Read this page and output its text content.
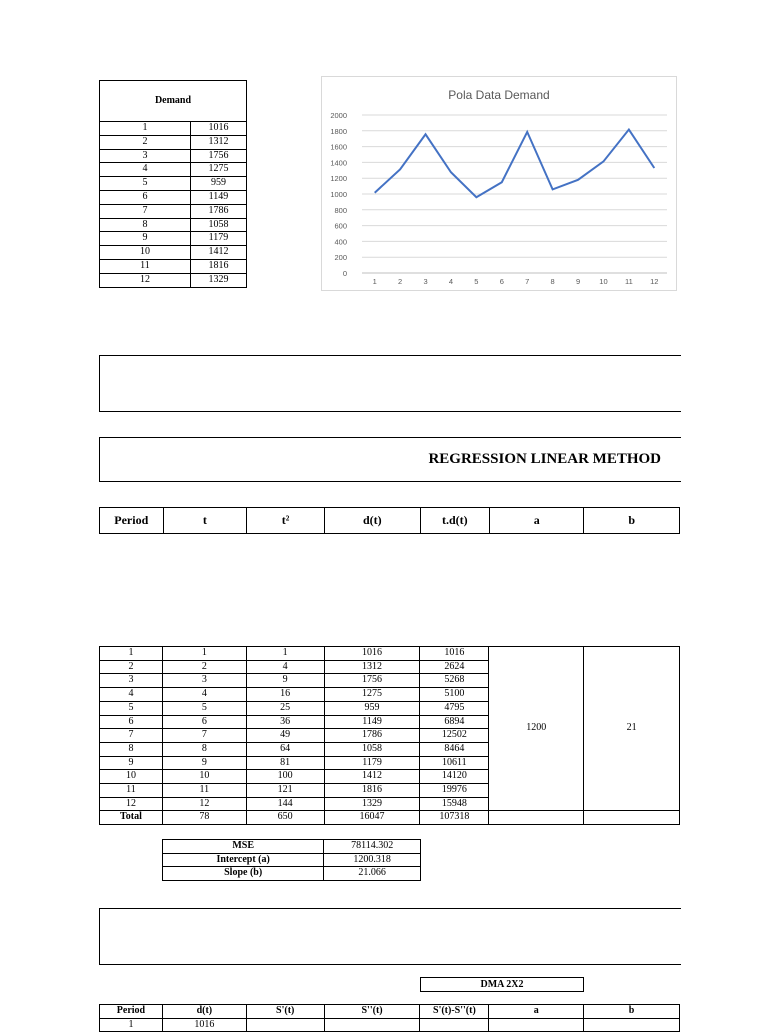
Demand	
1	1016
2	1312
3	1756
4	1275
5	959
6	1149
7	1786
8	1058
9	1179
10	1412
11	1816
12	1329
Pola Data Demand
2000
1800
1600
1400
1200
1000
800
600
400
200
0
1	2	3	4	5	6	7	8	9	10 11 12
REGRESSION LINEAR METHOD
Period	t	t²	d(t)	t.d(t)	a	b
1	1	1	1016	1016	1200	21
2	2	4	1312	2624		
3	3	9	1756	5268		
4	4	16	1275	5100		
5	5	25	959	4795		
6	6	36	1149	6894		
7	7	49	1786	12502		
8	8	64	1058	8464		
9	9	81	1179	10611		
10	10	100	1412	14120		
11	11	121	1816	19976		
12	12	144	1329	15948		
Total	78	650	16047	107318		
MSE	78114.302
Intercept (a)	1200.318
Slope (b)	21.066
DMA 2X2
Period	d(t)	S'(t)	S''(t)	S'(t)-S''(t)	a	b
1	1016					
